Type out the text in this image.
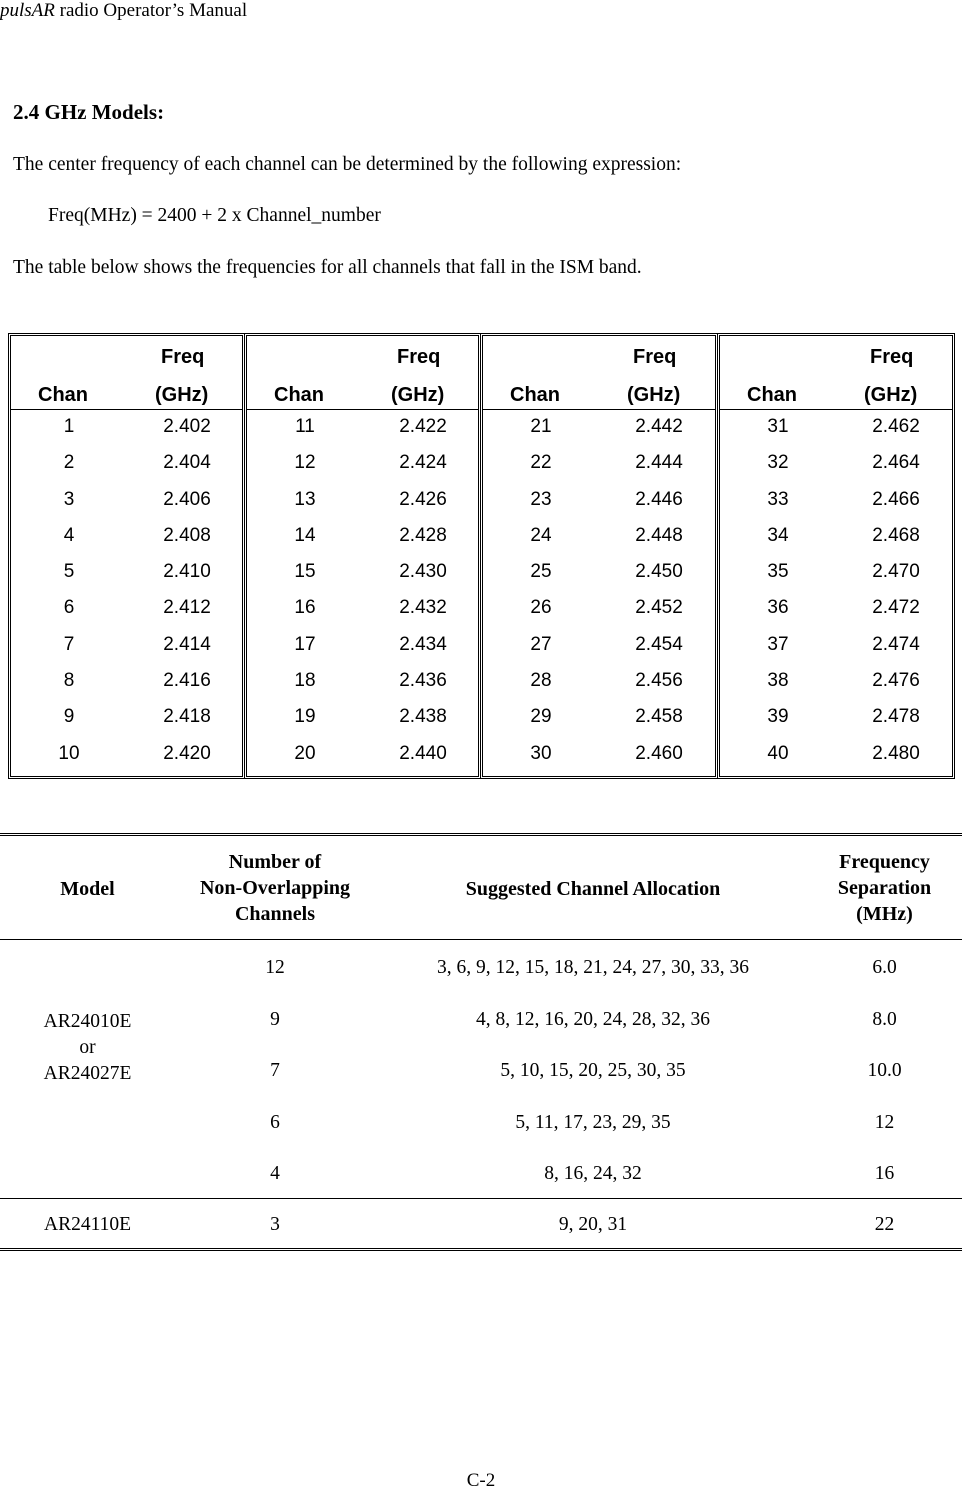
pulsAR radio Operator’s Manual
2.4 GHz Models:
The center frequency of each channel can be determined by the following expression:
Freq(MHz) = 2400 + 2 x Channel_number
The table below shows the frequencies for all channels that fall in the ISM band.
Freq
Chan	(GHz)
1	2.402
2	2.404
3	2.406
4	2.408
5	2.410
6	2.412
7	2.414
8	2.416
9	2.418
10	2.420
Freq
Chan	(GHz)
11	2.422
12	2.424
13	2.426
14	2.428
15	2.430
16	2.432
17	2.434
18	2.436
19	2.438
20	2.440
Freq
Chan	(GHz)
21	2.442
22	2.444
23	2.446
24	2.448
25	2.450
26	2.452
27	2.454
28	2.456
29	2.458
30	2.460
Freq
Chan	(GHz)
31	2.462
32	2.464
33	2.466
34	2.468
35	2.470
36	2.472
37	2.474
38	2.476
39	2.478
40	2.480
Model
Number of
Non-Overlapping
Channels
Suggested Channel Allocation
Frequency
Separation
(MHz)
AR24010E
or
AR24027E
12	3, 6, 9, 12, 15, 18, 21, 24, 27, 30, 33, 36	6.0
9	4, 8, 12, 16, 20, 24, 28, 32, 36	8.0
7	5, 10, 15, 20, 25, 30, 35	10.0
6	5, 11, 17, 23, 29, 35	12
4	8, 16, 24, 32	16
AR24110E	3	9, 20, 31	22
C-2
